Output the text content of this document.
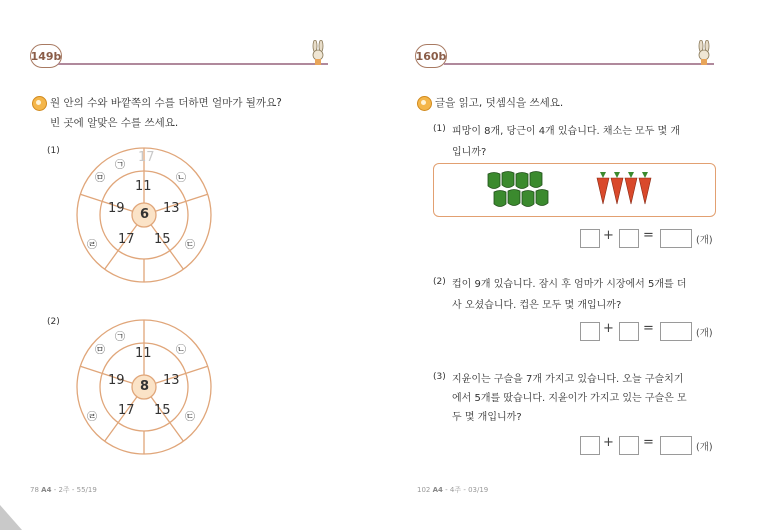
149b
원 안의 수와 바깥쪽의 수를 더하면 얼마가 될까요?
빈 곳에 알맞은 수를 쓰세요.
(1)
(2)
17
6
11
13
15
17
19
㉠
㉡
㉢
㉣
㉤
8
11
13
15
17
19
㉠
㉡
㉢
㉣
㉤
78 A4 - 2주 - 55/19
160b
글을 읽고, 덧셈식을 쓰세요.
(1) 피망이 8개, 당근이 4개 있습니다. 채소는 모두 몇 개
입니까?
+ =	(개)
(2) 컵이 9개 있습니다. 잠시 후 엄마가 시장에서 5개를 더
사 오셨습니다. 컵은 모두 몇 개입니까?
+ =	(개)
(3) 지윤이는 구슬을 7개 가지고 있습니다. 오늘 구슬치기
에서 5개를 땄습니다. 지윤이가 가지고 있는 구슬은 모
두 몇 개입니까?
+ =	(개)
102 A4 - 4주 - 03/19
